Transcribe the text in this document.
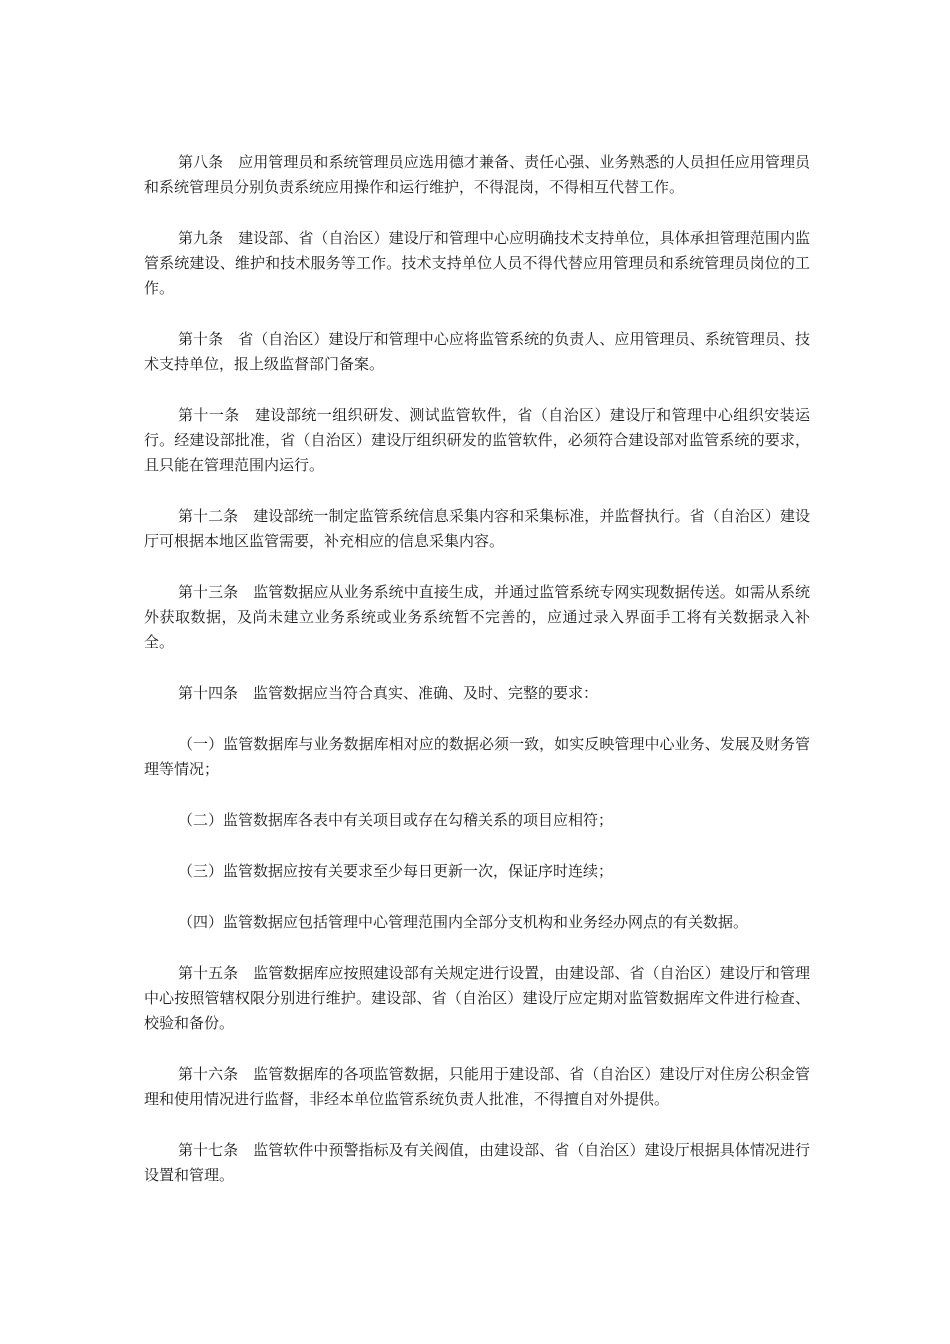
第八条　应用管理员和系统管理员应选用德才兼备、责任心强、业务熟悉的人员担任应用管理员和系统管理员分别负责系统应用操作和运行维护，不得混岗，不得相互代替工作。

第九条　建设部、省（自治区）建设厅和管理中心应明确技术支持单位，具体承担管理范围内监管系统建设、维护和技术服务等工作。技术支持单位人员不得代替应用管理员和系统管理员岗位的工作。

第十条　省（自治区）建设厅和管理中心应将监管系统的负责人、应用管理员、系统管理员、技术支持单位，报上级监督部门备案。

第十一条　建设部统一组织研发、测试监管软件，省（自治区）建设厅和管理中心组织安装运行。经建设部批准，省（自治区）建设厅组织研发的监管软件，必须符合建设部对监管系统的要求，且只能在管理范围内运行。

第十二条　建设部统一制定监管系统信息采集内容和采集标准，并监督执行。省（自治区）建设厅可根据本地区监管需要，补充相应的信息采集内容。

第十三条　监管数据应从业务系统中直接生成，并通过监管系统专网实现数据传送。如需从系统外获取数据，及尚未建立业务系统或业务系统暂不完善的，应通过录入界面手工将有关数据录入补全。

第十四条　监管数据应当符合真实、准确、及时、完整的要求：

（一）监管数据库与业务数据库相对应的数据必须一致，如实反映管理中心业务、发展及财务管理等情况；

（二）监管数据库各表中有关项目或存在勾稽关系的项目应相符；

（三）监管数据应按有关要求至少每日更新一次，保证序时连续；

（四）监管数据应包括管理中心管理范围内全部分支机构和业务经办网点的有关数据。

第十五条　监管数据库应按照建设部有关规定进行设置，由建设部、省（自治区）建设厅和管理中心按照管辖权限分别进行维护。建设部、省（自治区）建设厅应定期对监管数据库文件进行检查、校验和备份。

第十六条　监管数据库的各项监管数据，只能用于建设部、省（自治区）建设厅对住房公积金管理和使用情况进行监督，非经本单位监管系统负责人批准，不得擅自对外提供。

第十七条　监管软件中预警指标及有关阀值，由建设部、省（自治区）建设厅根据具体情况进行设置和管理。
